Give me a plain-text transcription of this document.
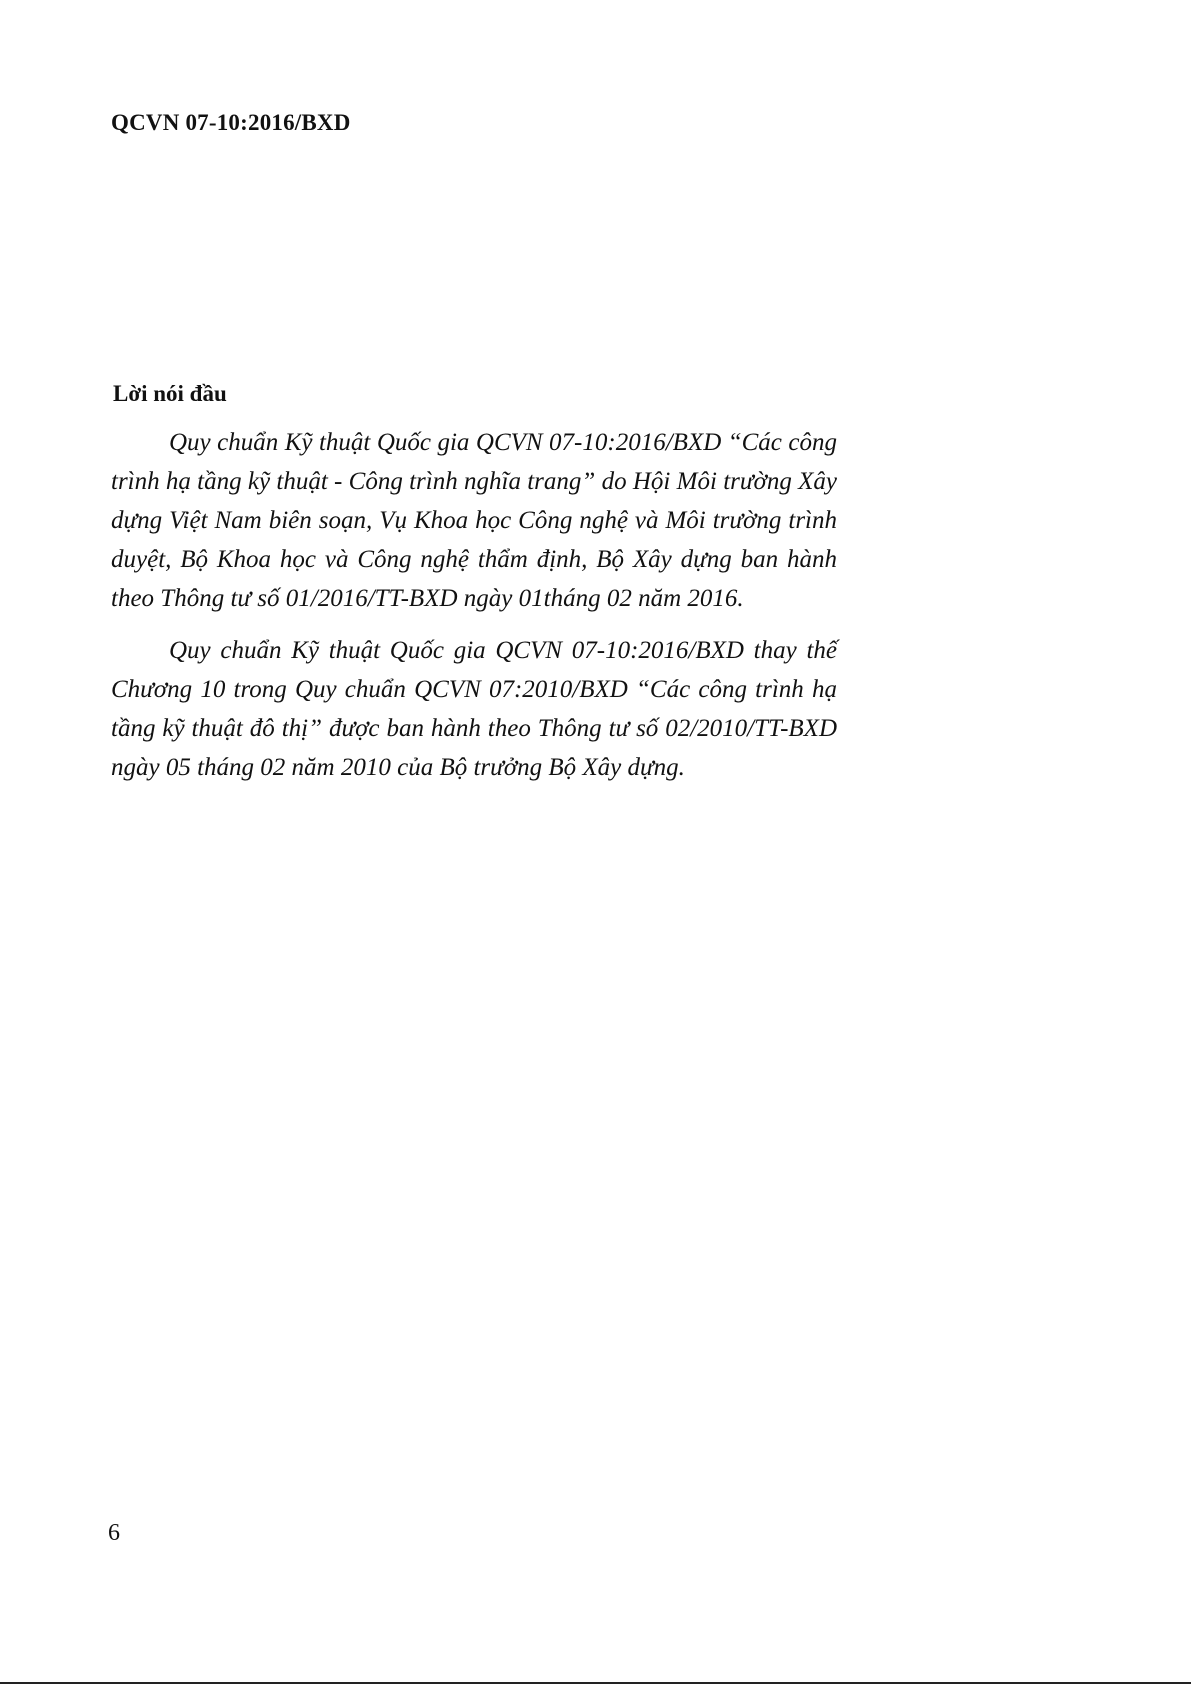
QCVN 07-10:2016/BXD
Lời nói đầu

Quy chuẩn Kỹ thuật Quốc gia QCVN 07-10:2016/BXD “Các công trình hạ tầng kỹ thuật - Công trình nghĩa trang” do Hội Môi trường Xây dựng Việt Nam biên soạn, Vụ Khoa học Công nghệ và Môi trường trình duyệt, Bộ Khoa học và Công nghệ thẩm định, Bộ Xây dựng ban hành theo Thông tư số 01/2016/TT-BXD ngày 01tháng 02 năm 2016.

Quy chuẩn Kỹ thuật Quốc gia QCVN 07-10:2016/BXD thay thế Chương 10 trong Quy chuẩn QCVN 07:2010/BXD “Các công trình hạ tầng kỹ thuật đô thị” được ban hành theo Thông tư số 02/2010/TT-BXD ngày 05 tháng 02 năm 2010 của Bộ trưởng Bộ Xây dựng.

6
